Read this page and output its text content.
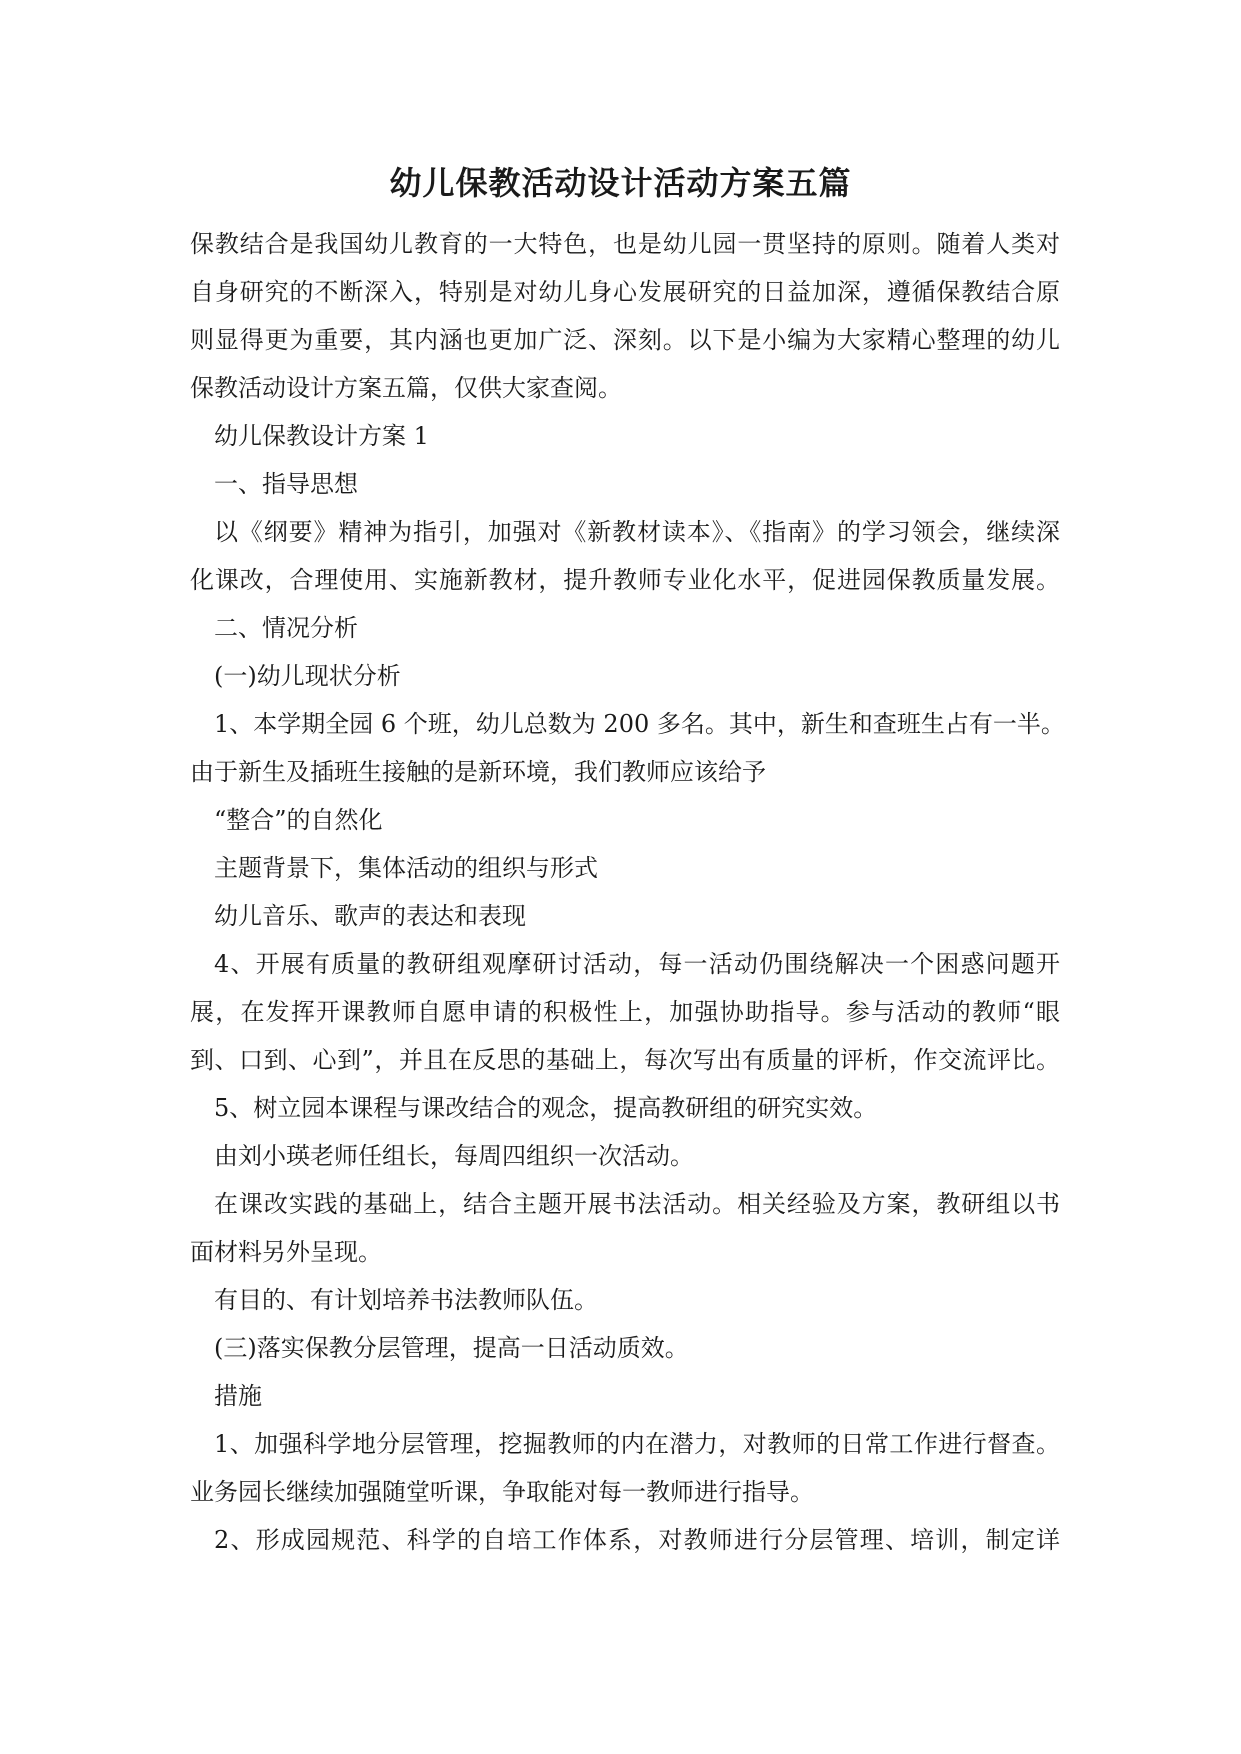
幼儿保教活动设计活动方案五篇
保教结合是我国幼儿教育的一大特色，也是幼儿园一贯坚持的原则。随着人类对
自身研究的不断深入，特别是对幼儿身心发展研究的日益加深，遵循保教结合原
则显得更为重要，其内涵也更加广泛、深刻。以下是小编为大家精心整理的幼儿
保教活动设计方案五篇，仅供大家查阅。
幼儿保教设计方案 1
一、指导思想
以《纲要》精神为指引，加强对《新教材读本》、《指南》的学习领会，继续深
化课改，合理使用、实施新教材，提升教师专业化水平，促进园保教质量发展。
二、情况分析
(一)幼儿现状分析
1、本学期全园 6 个班，幼儿总数为 200 多名。其中，新生和查班生占有一半。
由于新生及插班生接触的是新环境，我们教师应该给予
“整合”的自然化
主题背景下，集体活动的组织与形式
幼儿音乐、歌声的表达和表现
4、开展有质量的教研组观摩研讨活动，每一活动仍围绕解决一个困惑问题开
展，在发挥开课教师自愿申请的积极性上，加强协助指导。参与活动的教师“眼
到、口到、心到”，并且在反思的基础上，每次写出有质量的评析，作交流评比。
5、树立园本课程与课改结合的观念，提高教研组的研究实效。
由刘小瑛老师任组长，每周四组织一次活动。
在课改实践的基础上，结合主题开展书法活动。相关经验及方案，教研组以书
面材料另外呈现。
有目的、有计划培养书法教师队伍。
(三)落实保教分层管理，提高一日活动质效。
措施
1、加强科学地分层管理，挖掘教师的内在潜力，对教师的日常工作进行督查。
业务园长继续加强随堂听课，争取能对每一教师进行指导。
2、形成园规范、科学的自培工作体系，对教师进行分层管理、培训，制定详
